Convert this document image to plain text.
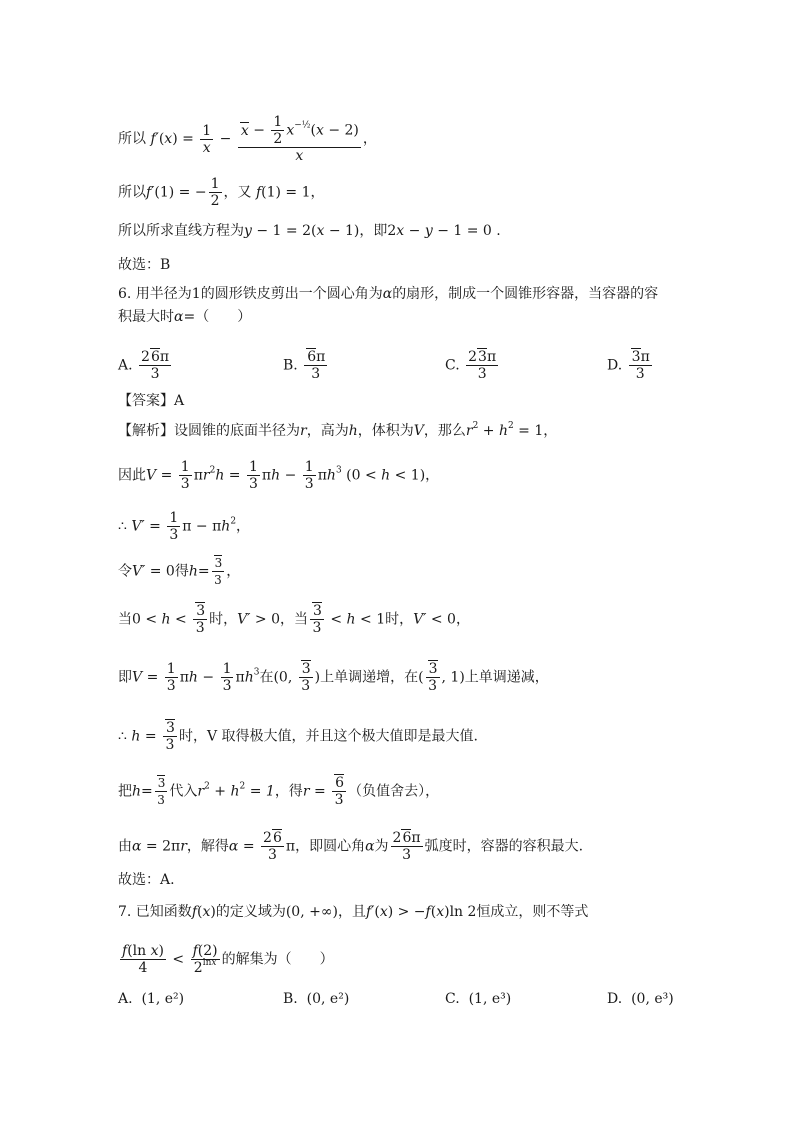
所以 $f'(x) = \frac{1}{x} - \frac{x - \frac{1}{2} x^{-\frac{1}{2}}(x - 2)}{x}$ ，
所以f′(1) = − $\frac{1}{2}$ ，又 f(1) = 1，
所以所求直线方程为y − 1 = 2(x − 1)，即2x − y − 1 = 0 .
故选：B
6. 用半径为1的圆形铁皮剪出一个圆心角为α的扇形，制成一个圆锥形容器，当容器的容
积最大时α=（　　）
A. $\frac{26\pi}{3}$	B. $\frac{6\pi}{3}$	C. $\frac{23\pi}{3}$	D. $\frac{3\pi}{3}$
【答案】A
【解析】设圆锥的底面半径为r，高为h，体积为V，那么$r^2 + h^2 = 1$，
因此$V = \frac{1}{3} \pi r^2h = \frac{1}{3}$ $\pi h - \frac{1}{3} \pi h^3$ (0 < h < 1)，
∴ $V' = \frac{1}{3}$ $\pi - \pi h^2$，
令V′ = 0得$h= \frac{3}{3}$ ，
当$0 < h < \frac{3}{3}$ 时，V′ > 0，当 $\frac{3}{3} < h < 1$时，V′ < 0，
即$V = \frac{1}{3}$ $\pi h - \frac{1}{3} \pi h^3$在(0, $\frac{3}{3}$ )上单调递增，在( $\frac{3}{3}$ , 1)上单调递减，
∴ $h = \frac{3}{3}$ 时，V 取得极大值，并且这个极大值即是最大值.
把$h= \frac{3}{3}$ 代入$r^2 + h^2 = 1$，得$r = \frac{6}{3}$ （负值舍去），
由α = 2πr，解得$\alpha = \frac{26}{3}$ π，即圆心角α为 $\frac{26\pi}{3}$ 弧度时，容器的容积最大.
故选：A.
7. 已知函数f(x)的定义域为(0, +∞)，且f′(x) > −f(x)ln 2恒成立，则不等式
$\frac{\text{f(ln x)}}{4} < \frac{f(2)}{2^{lnx}}$ 的解集为（　　）
A. (1, e²)	B. (0, e²)	C. (1, e³)	D. (0, e³)
